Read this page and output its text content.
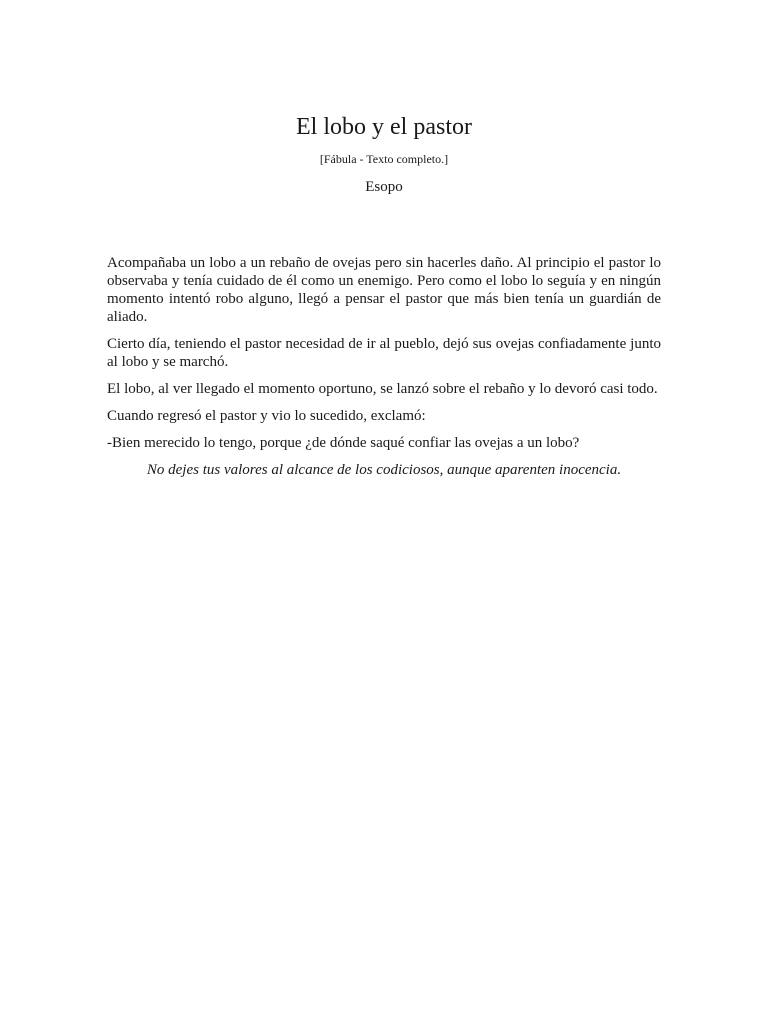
El lobo y el pastor
[Fábula - Texto completo.]
Esopo

Acompañaba un lobo a un rebaño de ovejas pero sin hacerles daño. Al principio el pastor lo observaba y tenía cuidado de él como un enemigo. Pero como el lobo lo seguía y en ningún momento intentó robo alguno, llegó a pensar el pastor que más bien tenía un guardián de aliado.

Cierto día, teniendo el pastor necesidad de ir al pueblo, dejó sus ovejas confiadamente junto al lobo y se marchó.

El lobo, al ver llegado el momento oportuno, se lanzó sobre el rebaño y lo devoró casi todo.

Cuando regresó el pastor y vio lo sucedido, exclamó:

-Bien merecido lo tengo, porque ¿de dónde saqué confiar las ovejas a un lobo?

No dejes tus valores al alcance de los codiciosos, aunque aparenten inocencia.
